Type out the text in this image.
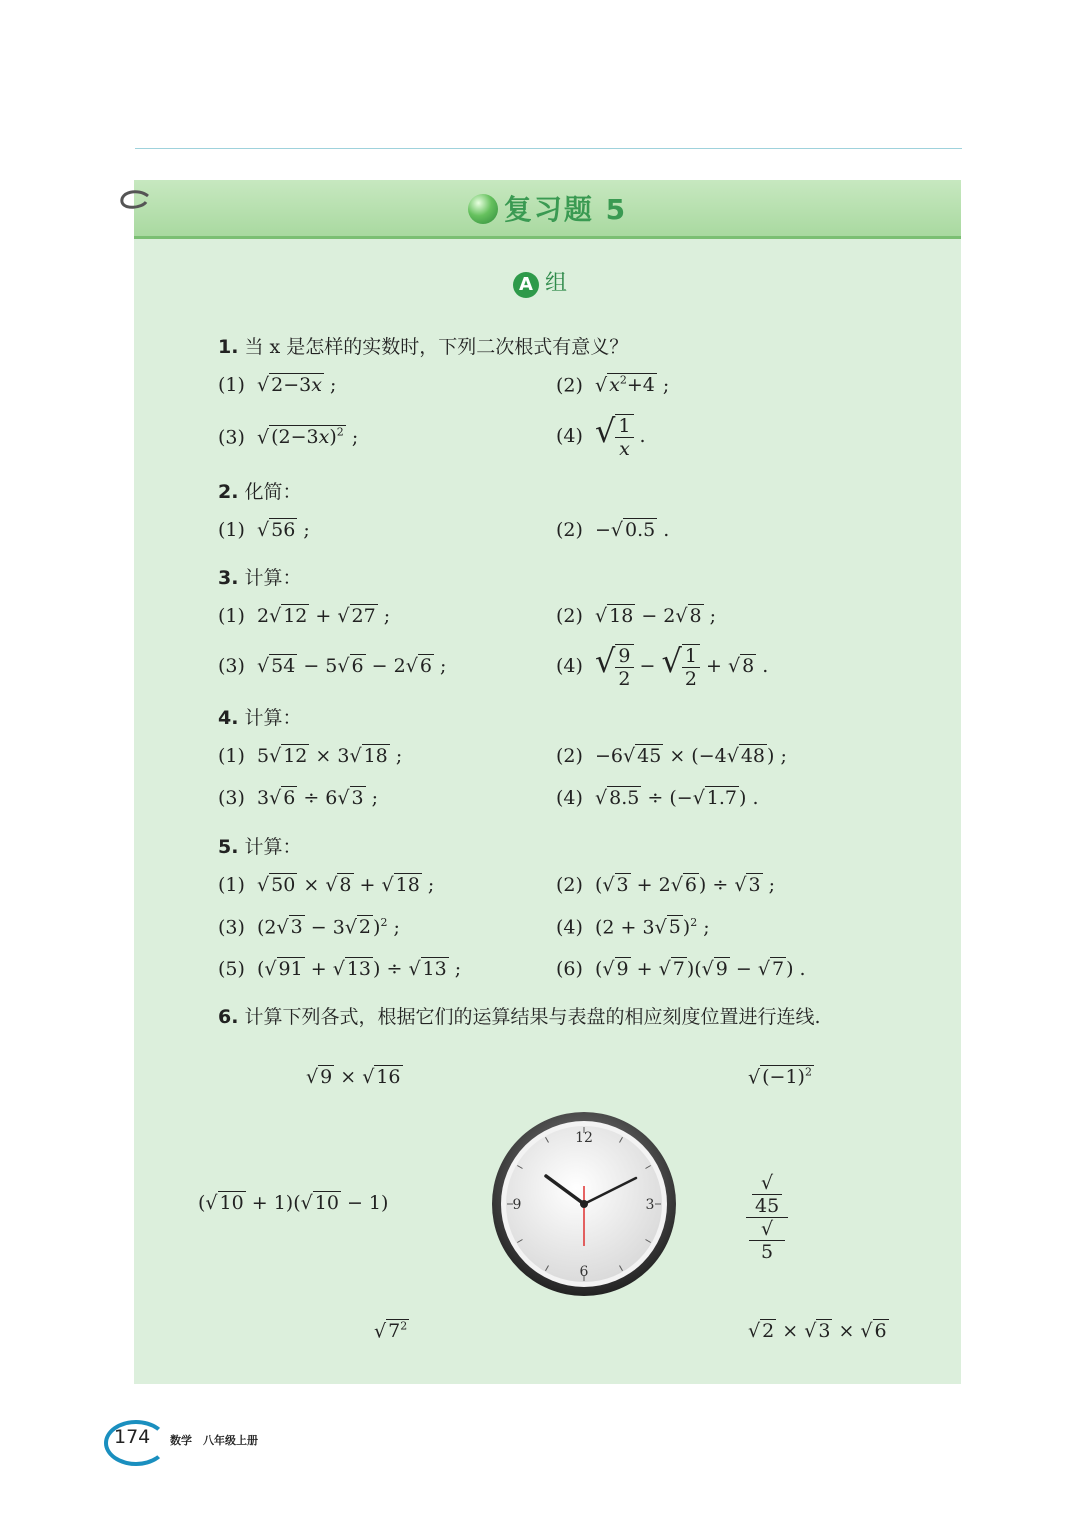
复习题 5
A 组
1. 当 x 是怎样的实数时，下列二次根式有意义？
(1) √ 2−3x ;	(2) √ $x^2+4$ ;
(3) √ $(2-3x)^2$ ;	(4) √ $\frac{1}{x}$ .
2. 化简：
(1) √ 56 ;	(2)  −√ 0.5 .
3. 计算：
(1)  2√ 12 + √ 27 ;	(2) √ 18 − 2√ 8 ;
(3) √ 54 − 5√ 6 − 2√ 6 ;	(4) √ $\frac{9}{2}$ − √ $\frac{1}{2}$ + √ 8 .
4. 计算：
(1)  5√ 12 × 3√ 18 ;	(2)  −6√ 45 × (−4√ 48 ) ;
(3)  3√ 6 ÷ 6√ 3 ;	(4) √ 8.5 ÷ (−√ 1.7 ) .
5. 计算：
(1) √ 50 × √ 8 + √ 18 ;	(2)  (√ 3 + 2√ 6 ) ÷ √ 3 ;
(3)  (2√ 3 − 3√ 2 )$^2$ ;	(4)  (2 + 3√ 5 )$^2$ ;
(5)  (√ 91 + √ 13 ) ÷ √ 13 ;	(6)  (√ 9 + √ 7 )(√ 9 − √ 7 ) .
6. 计算下列各式，根据它们的运算结果与表盘的相应刻度位置进行连线.
√ 9 × √ 16	√ $(-1)^2$
(√ 10 + 1)(√ 10 − 1)	√
45
√
5
√ $7^2$	√ 2 × √ 3 × √ 6
12
3
6
9
174 数学　八年级上册
